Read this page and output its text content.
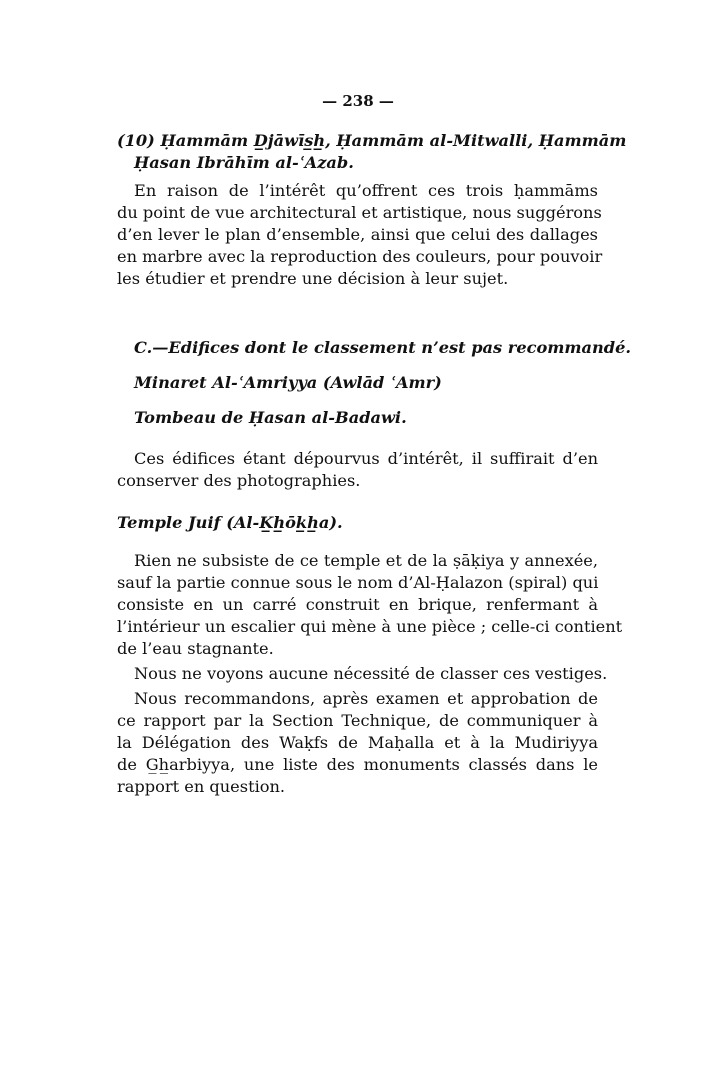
— 238 —
(10) Ḥammām D̲jāwīs̲h̲, Ḥammām al-Mitwalli, Ḥammām
Ḥasan Ibrāhīm al-ʿAzab.
En raison de l’intérêt qu’offrent ces trois ḥammāms
du point de vue architectural et artistique, nous suggérons
d’en lever le plan d’ensemble, ainsi que celui des dallages
en marbre avec la reproduction des couleurs, pour pouvoir
les étudier et prendre une décision à leur sujet.
C.—Edifices dont le classement n’est pas recommandé.
Minaret Al-ʿAmriyya (Awlād ʿAmr)
Tombeau de Ḥasan al-Badawi.
Ces édifices étant dépourvus d’intérêt, il suffirait d’en
conserver des photographies.
Temple Juif (Al-K̲h̲ōk̲h̲a).
Rien ne subsiste de ce temple et de la ṣāḳiya y annexée,
sauf la partie connue sous le nom d’Al-Ḥalazon (spiral) qui
consiste en un carré construit en brique, renfermant à
l’intérieur un escalier qui mène à une pièce ; celle-ci contient
de l’eau stagnante.
Nous ne voyons aucune nécessité de classer ces vestiges.
Nous recommandons, après examen et approbation de
ce rapport par la Section Technique, de communiquer à
la Délégation des Waḳfs de Maḥalla et à la Mudiriyya
de G̲h̲arbiyya, une liste des monuments classés dans le
rapport en question.
